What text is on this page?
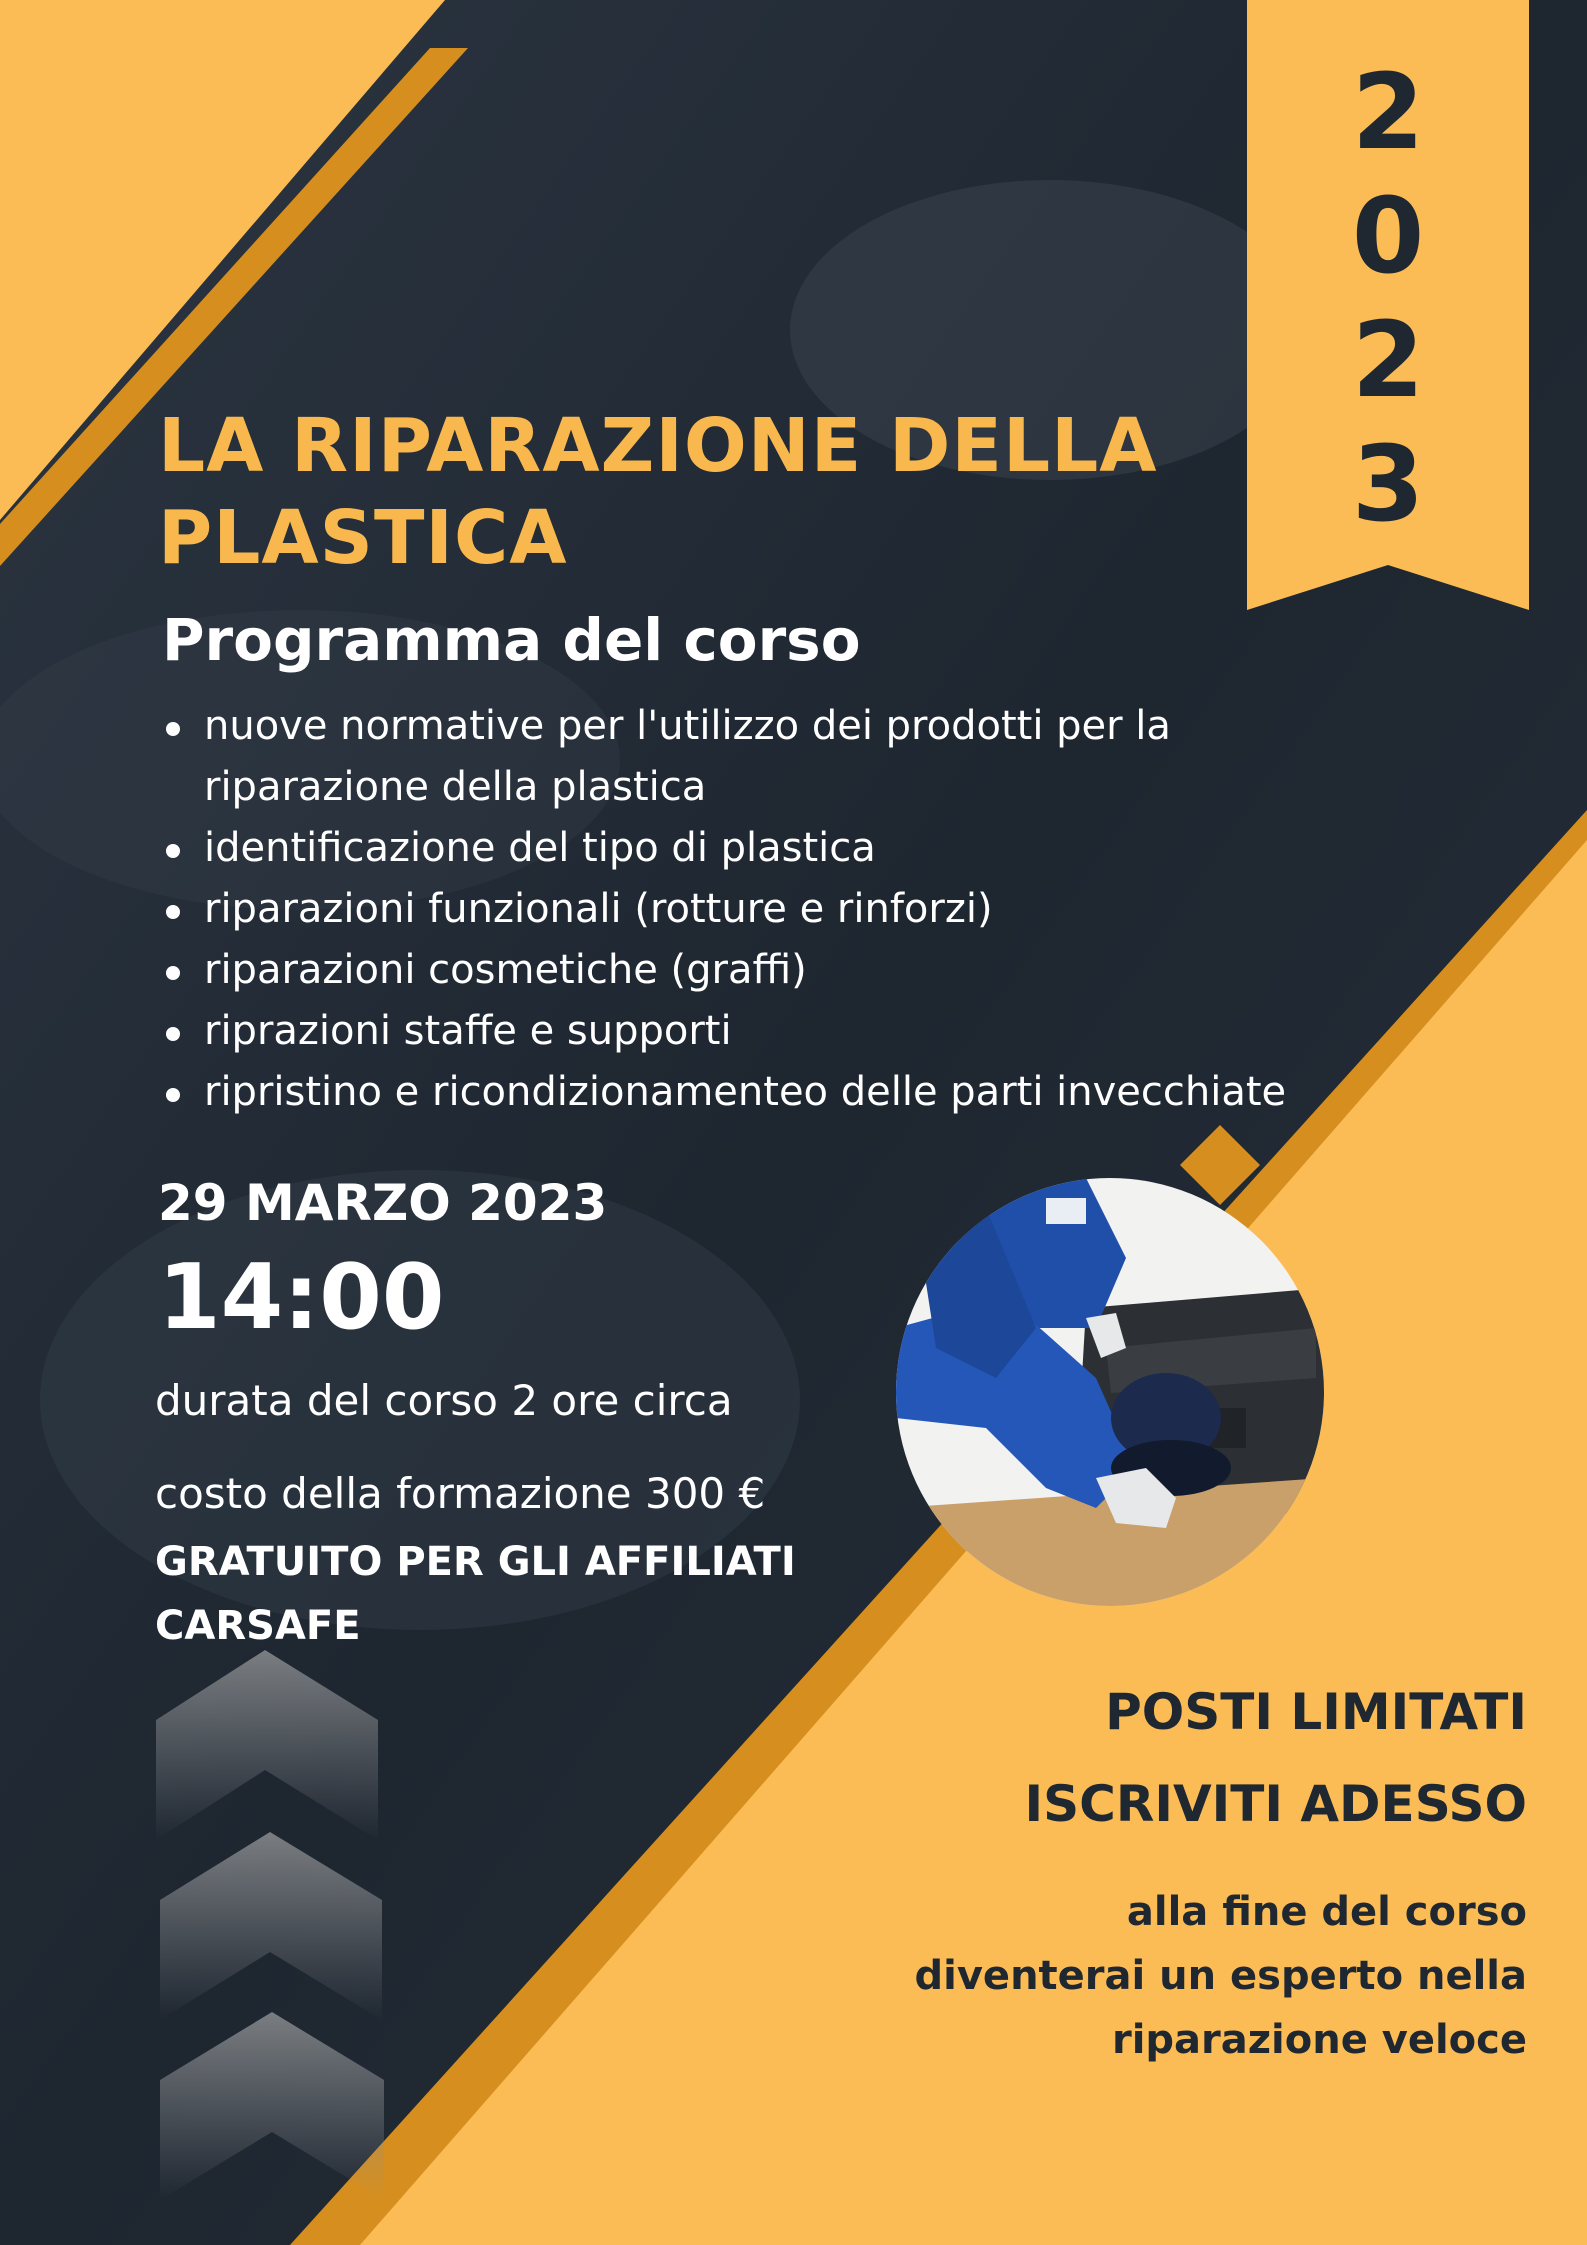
2
0
2
3
LA RIPARAZIONE DELLA
PLASTICA
Programma del corso
nuove normative per l'utilizzo dei prodotti per la riparazione della plastica
identificazione del tipo di plastica
riparazioni funzionali (rotture e rinforzi)
riparazioni cosmetiche (graffi)
riprazioni staffe e supporti
ripristino e ricondizionamenteo delle parti invecchiate

29 MARZO 2023

14:00

durata del corso 2 ore circa

costo della formazione 300 €

GRATUITO PER GLI AFFILIATI CARSAFE

POSTI LIMITATI

ISCRIVITI ADESSO

alla fine del corso
diventerai un esperto nella
riparazione veloce
